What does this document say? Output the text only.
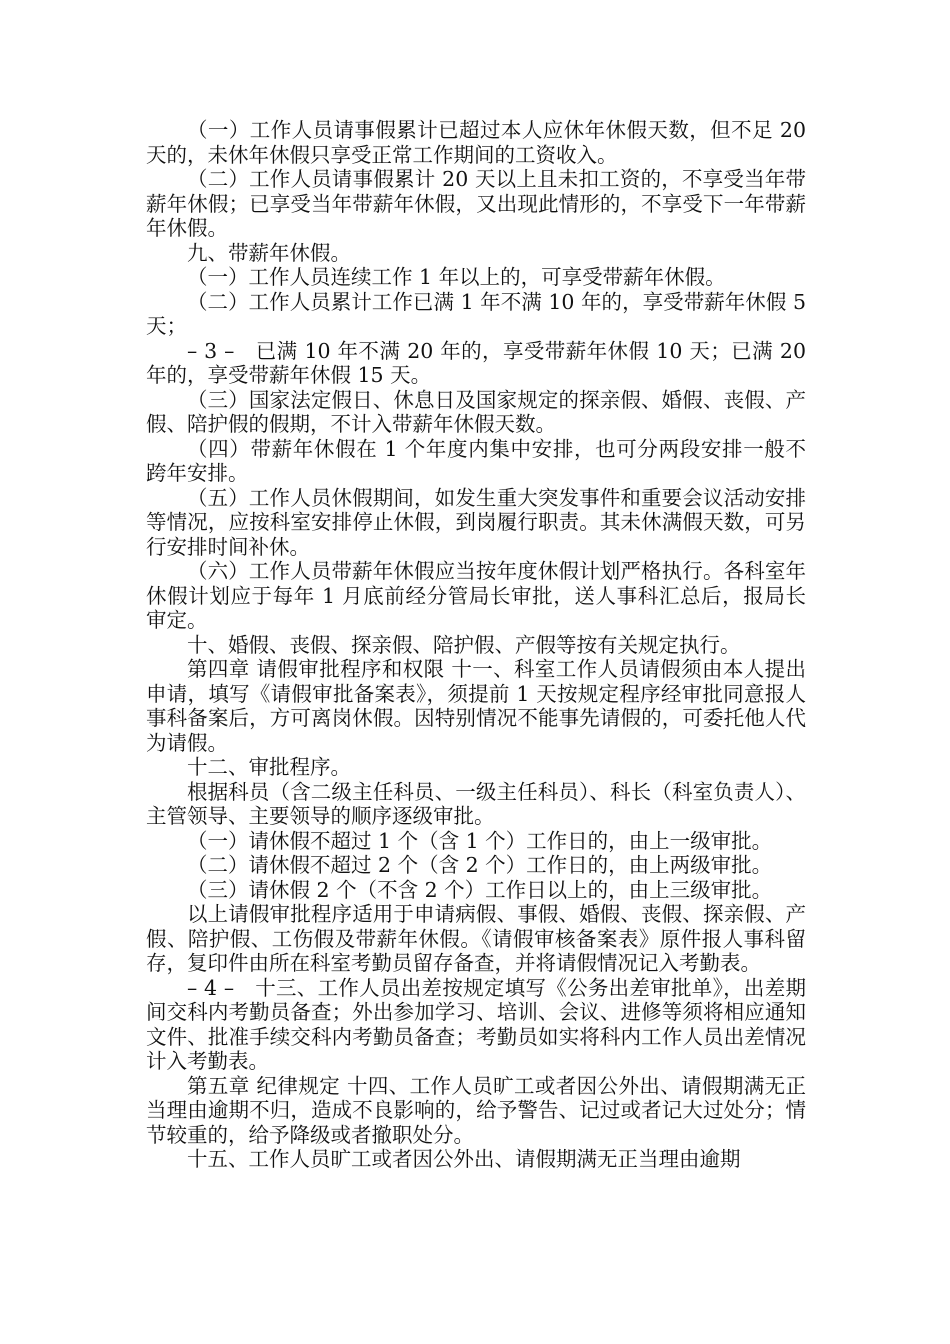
（一）工作人员请事假累计已超过本人应休年休假天数，但不足 20 天的，未休年休假只享受正常工作期间的工资收入。

（二）工作人员请事假累计 20 天以上且未扣工资的，不享受当年带薪年休假；已享受当年带薪年休假，又出现此情形的，不享受下一年带薪年休假。

九、带薪年休假。

（一）工作人员连续工作 1 年以上的，可享受带薪年休假。

（二）工作人员累计工作已满 1 年不满 10 年的，享受带薪年休假 5 天；

– 3 –　已满 10 年不满 20 年的，享受带薪年休假 10 天；已满 20 年的，享受带薪年休假 15 天。

（三）国家法定假日、休息日及国家规定的探亲假、婚假、丧假、产假、陪护假的假期，不计入带薪年休假天数。

（四）带薪年休假在 1 个年度内集中安排，也可分两段安排一般不跨年安排。

（五）工作人员休假期间，如发生重大突发事件和重要会议活动安排等情况，应按科室安排停止休假，到岗履行职责。其未休满假天数，可另行安排时间补休。

（六）工作人员带薪年休假应当按年度休假计划严格执行。各科室年休假计划应于每年 1 月底前经分管局长审批，送人事科汇总后，报局长审定。

十、婚假、丧假、探亲假、陪护假、产假等按有关规定执行。

第四章 请假审批程序和权限 十一、科室工作人员请假须由本人提出申请，填写《请假审批备案表》，须提前 1 天按规定程序经审批同意报人事科备案后，方可离岗休假。因特别情况不能事先请假的，可委托他人代为请假。

十二、审批程序。

根据科员（含二级主任科员、一级主任科员）、科长（科室负责人）、主管领导、主要领导的顺序逐级审批。

（一）请休假不超过 1 个（含 1 个）工作日的，由上一级审批。

（二）请休假不超过 2 个（含 2 个）工作日的，由上两级审批。

（三）请休假 2 个（不含 2 个）工作日以上的，由上三级审批。

以上请假审批程序适用于申请病假、事假、婚假、丧假、探亲假、产假、陪护假、工伤假及带薪年休假。《请假审核备案表》原件报人事科留存，复印件由所在科室考勤员留存备查，并将请假情况记入考勤表。

– 4 –　十三、工作人员出差按规定填写《公务出差审批单》，出差期间交科内考勤员备查；外出参加学习、培训、会议、进修等须将相应通知文件、批准手续交科内考勤员备查；考勤员如实将科内工作人员出差情况计入考勤表。

第五章 纪律规定 十四、工作人员旷工或者因公外出、请假期满无正当理由逾期不归，造成不良影响的，给予警告、记过或者记大过处分；情节较重的，给予降级或者撤职处分。

十五、工作人员旷工或者因公外出、请假期满无正当理由逾期
